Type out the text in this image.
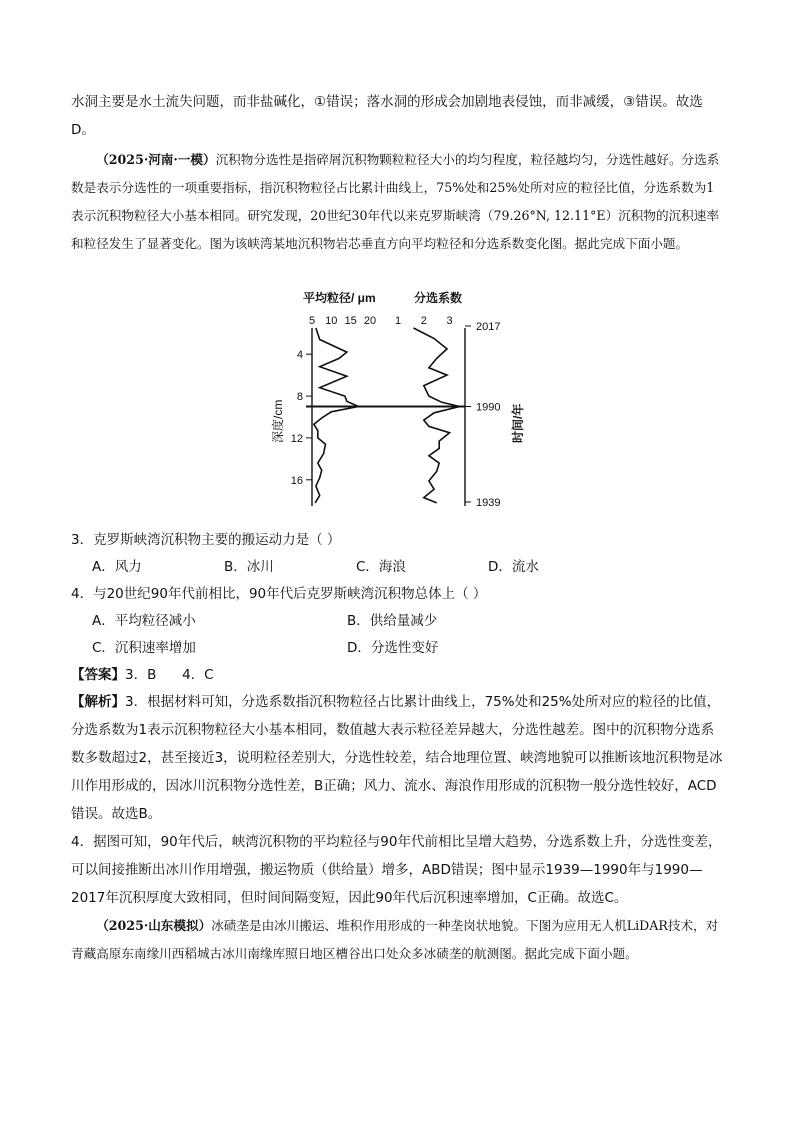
水洞主要是水土流失问题，而非盐碱化，①错误；落水洞的形成会加剧地表侵蚀，而非减缓，③错误。故选D。
（2025·河南·一模）沉积物分选性是指碎屑沉积物颗粒粒径大小的均匀程度，粒径越均匀，分选性越好。分选系数是表示分选性的一项重要指标，指沉积物粒径占比累计曲线上，75%处和25%处所对应的粒径比值，分选系数为1表示沉积物粒径大小基本相同。研究发现，20世纪30年代以来克罗斯峡湾（79.26°N, 12.11°E）沉积物的沉积速率和粒径发生了显著变化。图为该峡湾某地沉积物岩芯垂直方向平均粒径和分选系数变化图。据此完成下面小题。
平均粒径/ μm	分选系数
5 10 15 20 1 2 3
4
8
12
16
2017
1990
1939
深度/cm	时间/年
3．克罗斯峡湾沉积物主要的搬运动力是（ ）
A．风力	B．冰川	C．海浪	D．流水
4．与20世纪90年代前相比，90年代后克罗斯峡湾沉积物总体上（ ）
A．平均粒径减小	B．供给量减少
C．沉积速率增加	D．分选性变好
【答案】3．B      4．C
【解析】3．根据材料可知，分选系数指沉积物粒径占比累计曲线上，75%处和25%处所对应的粒径的比值，分选系数为1表示沉积物粒径大小基本相同，数值越大表示粒径差异越大，分选性越差。图中的沉积物分选系数多数超过2，甚至接近3，说明粒径差别大，分选性较差，结合地理位置、峡湾地貌可以推断该地沉积物是冰川作用形成的，因冰川沉积物分选性差，B正确；风力、流水、海浪作用形成的沉积物一般分选性较好，ACD错误。故选B。
4．据图可知，90年代后，峡湾沉积物的平均粒径与90年代前相比呈增大趋势，分选系数上升，分选性变差，可以间接推断出冰川作用增强，搬运物质（供给量）增多，ABD错误；图中显示1939—1990年与1990—2017年沉积厚度大致相同，但时间间隔变短，因此90年代后沉积速率增加，C正确。故选C。
（2025·山东模拟）冰碛垄是由冰川搬运、堆积作用形成的一种垄岗状地貌。下图为应用无人机LiDAR技术，对青藏高原东南缘川西稻城古冰川南缘库照日地区槽谷出口处众多冰碛垄的航测图。据此完成下面小题。
